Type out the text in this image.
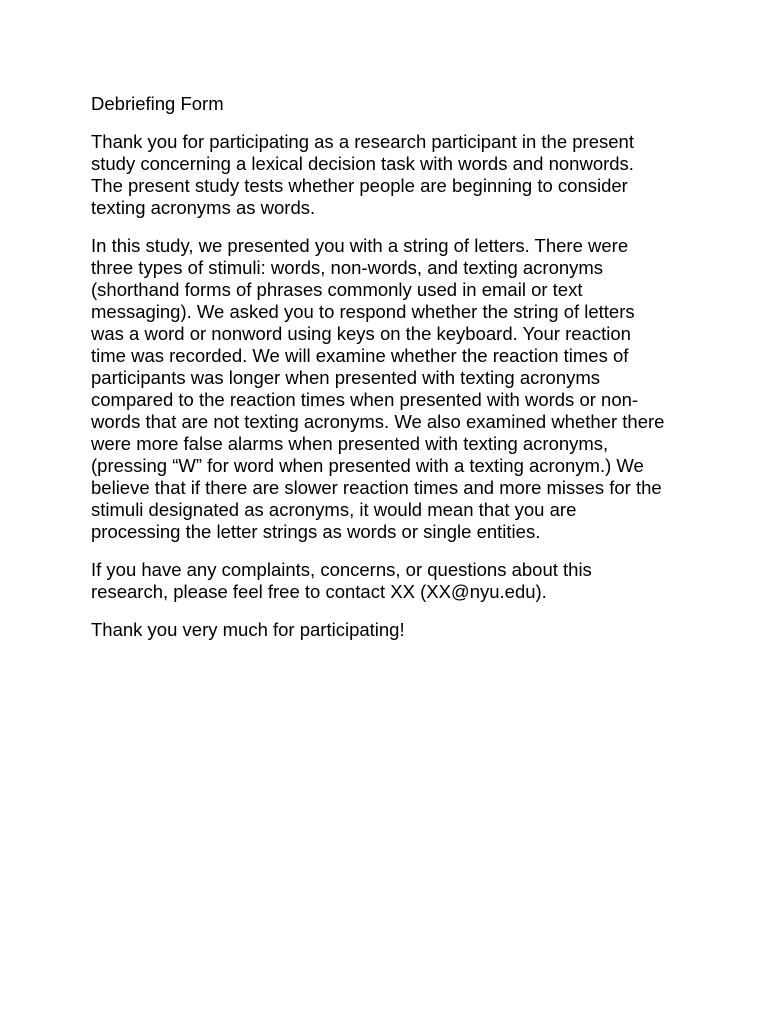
Debriefing Form
Thank you for participating as a research participant in the present
study concerning a lexical decision task with words and nonwords.
The present study tests whether people are beginning to consider
texting acronyms as words.
In this study, we presented you with a string of letters. There were
three types of stimuli: words, non-words, and texting acronyms
(shorthand forms of phrases commonly used in email or text
messaging). We asked you to respond whether the string of letters
was a word or nonword using keys on the keyboard. Your reaction
time was recorded. We will examine whether the reaction times of
participants was longer when presented with texting acronyms
compared to the reaction times when presented with words or non-
words that are not texting acronyms. We also examined whether there
were more false alarms when presented with texting acronyms,
(pressing “W” for word when presented with a texting acronym.) We
believe that if there are slower reaction times and more misses for the
stimuli designated as acronyms, it would mean that you are
processing the letter strings as words or single entities.
If you have any complaints, concerns, or questions about this
research, please feel free to contact XX (XX@nyu.edu).
Thank you very much for participating!
